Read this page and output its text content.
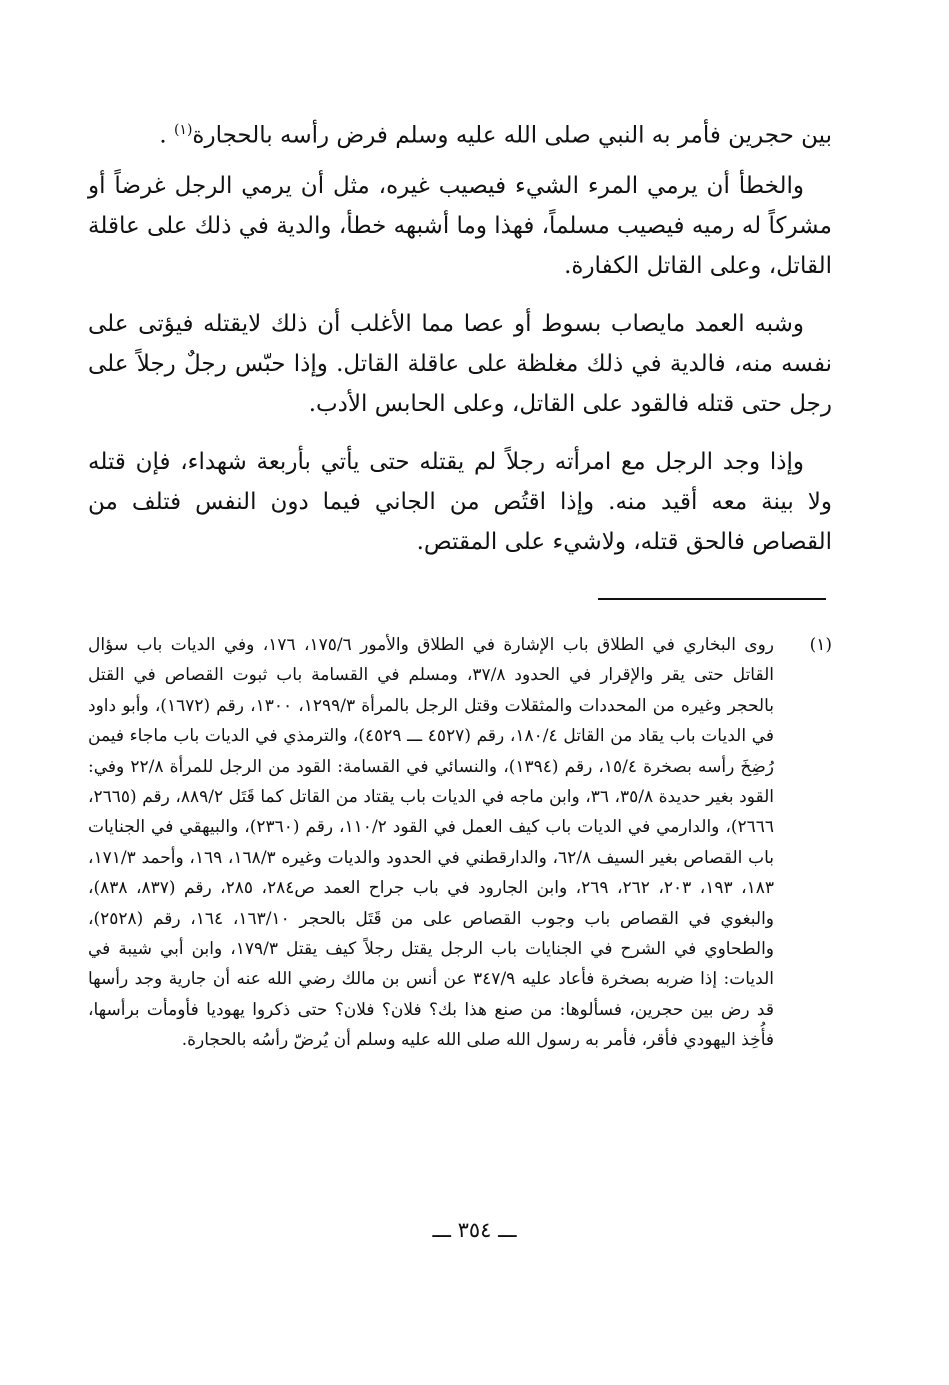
بين حجرين فأمر به النبي صلى الله عليه وسلم فرض رأسه بالحجارة$^{(١)}$ .

والخطأ أن يرمي المرء الشيء فيصيب غيره، مثل أن يرمي الرجل غرضاً أو مشركاً له رميه فيصيب مسلماً، فهذا وما أشبهه خطأ، والدية في ذلك على عاقلة القاتل، وعلى القاتل الكفارة.

وشبه العمد مايصاب بسوط أو عصا مما الأغلب أن ذلك لايقتله فيؤتى على نفسه منه، فالدية في ذلك مغلظة على عاقلة القاتل. وإذا حبّس رجلٌ رجلاً على رجل حتى قتله فالقود على القاتل، وعلى الحابس الأدب.

وإذا وجد الرجل مع امرأته رجلاً لم يقتله حتى يأتي بأربعة شهداء، فإن قتله ولا بينة معه أقيد منه. وإذا اقتُص من الجاني فيما دون النفس فتلف من القصاص فالحق قتله، ولاشيء على المقتص.

(١)
روى البخاري في الطلاق باب الإشارة في الطلاق والأمور ١٧٥/٦، ١٧٦، وفي الديات باب سؤال القاتل حتى يقر والإقرار في الحدود ٣٧/٨، ومسلم في القسامة باب ثبوت القصاص في القتل بالحجر وغيره من المحددات والمثقلات وقتل الرجل بالمرأة ١٢٩٩/٣، ١٣٠٠، رقم (١٦٧٢)، وأبو داود في الديات باب يقاد من القاتل ١٨٠/٤، رقم (٤٥٢٧ ـــ ٤٥٢٩)، والترمذي في الديات باب ماجاء فيمن رُضِخَ رأسه بصخرة ١٥/٤، رقم (١٣٩٤)، والنسائي في القسامة: القود من الرجل للمرأة ٢٢/٨ وفي: القود بغير حديدة ٣٥/٨، ٣٦، وابن ماجه في الديات باب يقتاد من القاتل كما قَتَل ٨٨٩/٢، رقم (٢٦٦٥، ٢٦٦٦)، والدارمي في الديات باب كيف العمل في القود ١١٠/٢، رقم (٢٣٦٠)، والبيهقي في الجنايات باب القصاص بغير السيف ٦٢/٨، والدارقطني في الحدود والديات وغيره ١٦٨/٣، ١٦٩، وأحمد ١٧١/٣، ١٨٣، ١٩٣، ٢٠٣، ٢٦٢، ٢٦٩، وابن الجارود في باب جراح العمد ص٢٨٤، ٢٨٥، رقم (٨٣٧، ٨٣٨)، والبغوي في القصاص باب وجوب القصاص على من قَتَل بالحجر ١٦٣/١٠، ١٦٤، رقم (٢٥٢٨)، والطحاوي في الشرح في الجنايات باب الرجل يقتل رجلاً كيف يقتل ١٧٩/٣، وابن أبي شيبة في الديات: إذا ضربه بصخرة فأعاد عليه ٣٤٧/٩ عن أنس بن مالك رضي الله عنه أن جارية وجد رأسها قد رض بين حجرين، فسألوها: من صنع هذا بك؟ فلان؟ فلان؟ حتى ذكروا يهوديا فأومأت برأسها، فأُخِذ اليهودي فأقر، فأمر به رسول الله صلى الله عليه وسلم أن يُرضّ رأسُه بالحجارة.
ـــ ٣٥٤ ـــ
